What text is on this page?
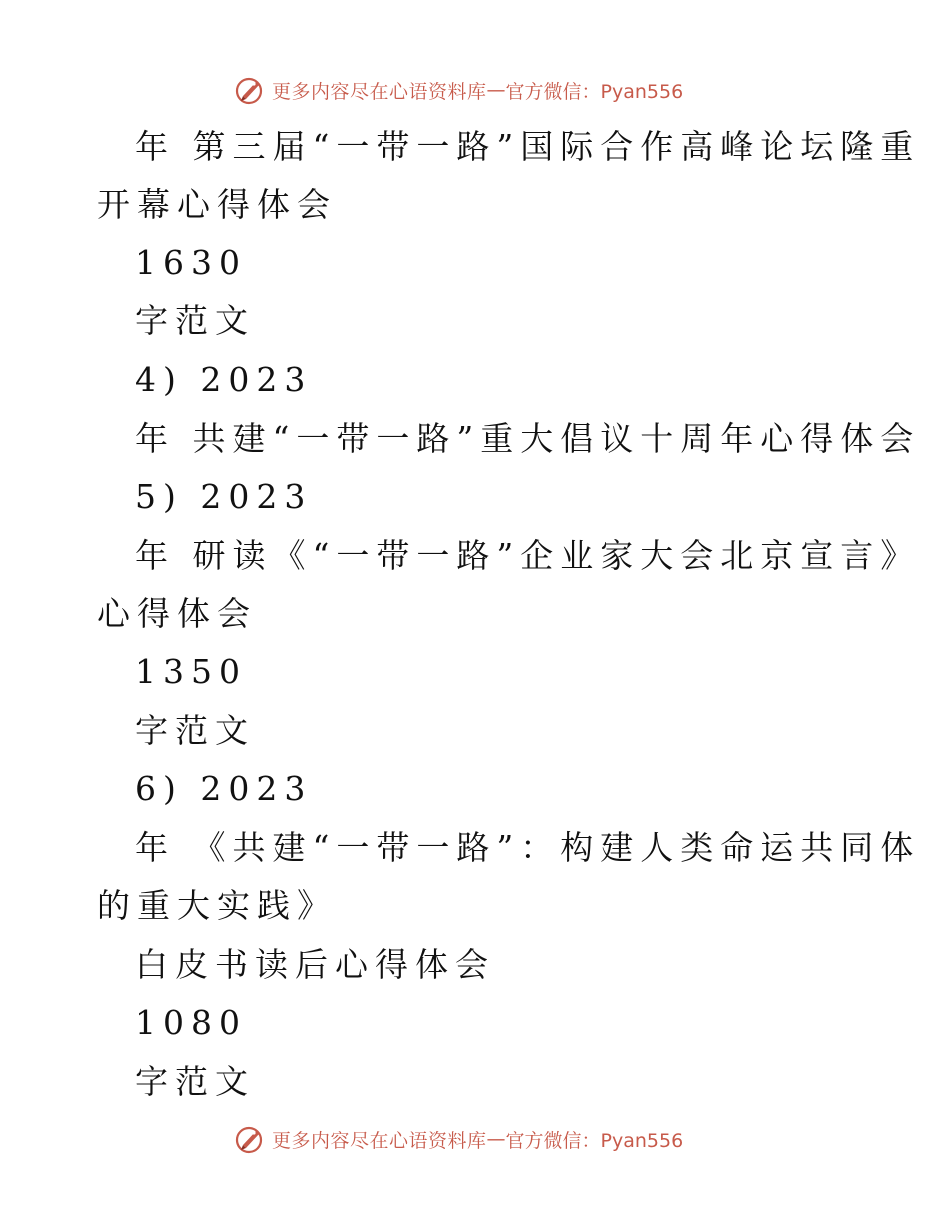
更多内容尽在心语资料库 — 官方微信：Pyan556
年 第三届“一带一路”国际合作高峰论坛隆重
开幕心得体会
1630
字范文
4) 2023
年 共建“一带一路”重大倡议十周年心得体会
5) 2023
年 研读《“一带一路”企业家大会北京宣言》
心得体会
1350
字范文
6) 2023
年 《共建“一带一路”：构建人类命运共同体
的重大实践》
白皮书读后心得体会
1080
字范文
更多内容尽在心语资料库 — 官方微信：Pyan556
